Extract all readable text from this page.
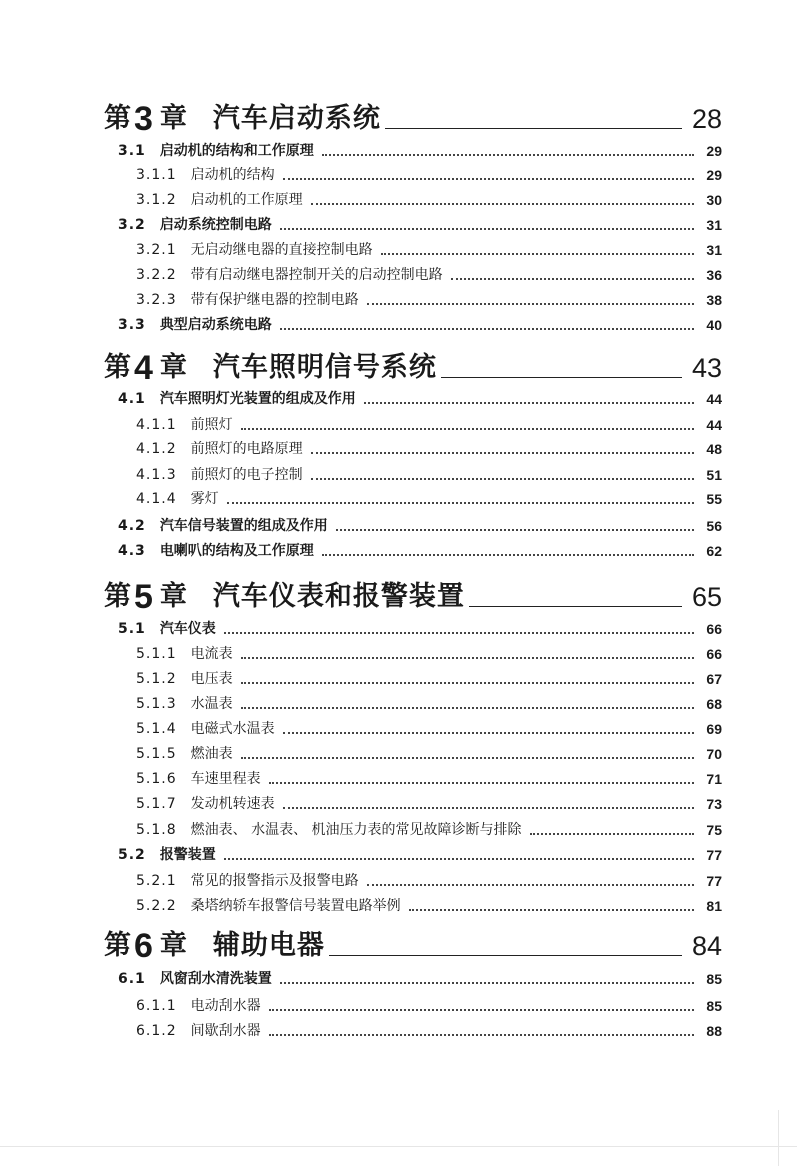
第 3 章 汽车启动系统	28
3.1 启动机的结构和工作原理	29
3.1.1 启动机的结构	29
3.1.2 启动机的工作原理	30
3.2 启动系统控制电路	31
3.2.1 无启动继电器的直接控制电路	31
3.2.2 带有启动继电器控制开关的启动控制电路	36
3.2.3 带有保护继电器的控制电路	38
3.3 典型启动系统电路	40
第 4 章 汽车照明信号系统	43
4.1 汽车照明灯光装置的组成及作用	44
4.1.1 前照灯	44
4.1.2 前照灯的电路原理	48
4.1.3 前照灯的电子控制	51
4.1.4 雾灯	55
4.2 汽车信号装置的组成及作用	56
4.3 电喇叭的结构及工作原理	62
第 5 章 汽车仪表和报警装置	65
5.1 汽车仪表	66
5.1.1 电流表	66
5.1.2 电压表	67
5.1.3 水温表	68
5.1.4 电磁式水温表	69
5.1.5 燃油表	70
5.1.6 车速里程表	71
5.1.7 发动机转速表	73
5.1.8 燃油表、 水温表、 机油压力表的常见故障诊断与排除	75
5.2 报警装置	77
5.2.1 常见的报警指示及报警电路	77
5.2.2 桑塔纳轿车报警信号装置电路举例	81
第 6 章 辅助电器	84
6.1 风窗刮水清洗装置	85
6.1.1 电动刮水器	85
6.1.2 间歇刮水器	88
